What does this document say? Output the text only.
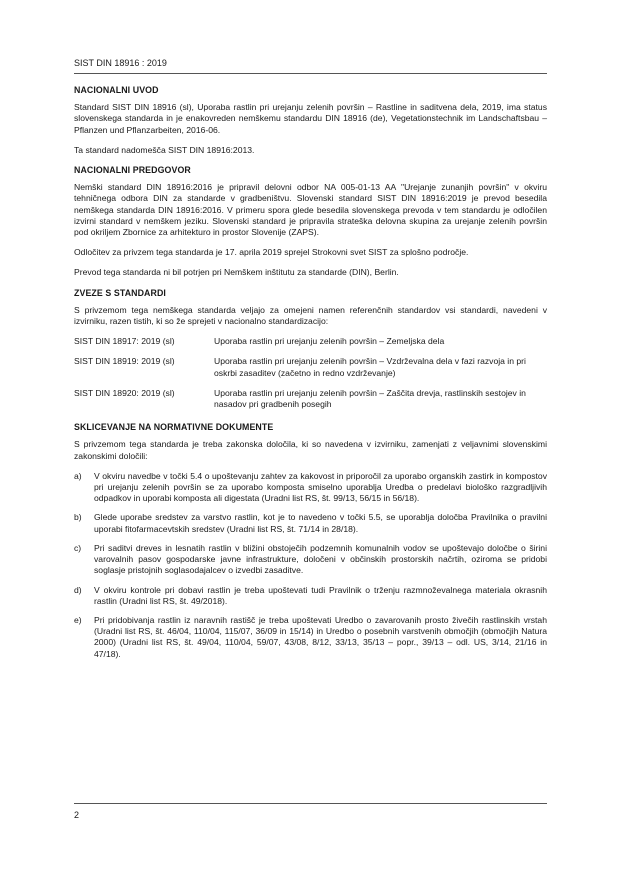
SIST DIN 18916 : 2019
NACIONALNI UVOD

Standard SIST DIN 18916 (sl), Uporaba rastlin pri urejanju zelenih površin – Rastline in saditvena dela, 2019, ima status slovenskega standarda in je enakovreden nemškemu standardu DIN 18916 (de), Vegetationstechnik im Landschaftsbau – Pflanzen und Pflanzarbeiten, 2016-06.

Ta standard nadomešča SIST DIN 18916:2013.

NACIONALNI PREDGOVOR

Nemški standard DIN 18916:2016 je pripravil delovni odbor NA 005-01-13 AA "Urejanje zunanjih površin" v okviru tehničnega odbora DIN za standarde v gradbeništvu. Slovenski standard SIST DIN 18916:2019 je prevod besedila nemškega standarda DIN 18916:2016. V primeru spora glede besedila slovenskega prevoda v tem standardu je odločilen izvirni standard v nemškem jeziku. Slovenski standard je pripravila strateška delovna skupina za urejanje zelenih površin pod okriljem Zbornice za arhitekturo in prostor Slovenije (ZAPS).

Odločitev za privzem tega standarda je 17. aprila 2019 sprejel Strokovni svet SIST za splošno področje.

Prevod tega standarda ni bil potrjen pri Nemškem inštitutu za standarde (DIN), Berlin.

ZVEZE S STANDARDI

S privzemom tega nemškega standarda veljajo za omejeni namen referenčnih standardov vsi standardi, navedeni v izvirniku, razen tistih, ki so že sprejeti v nacionalno standardizacijo:

SIST DIN 18917: 2019 (sl)	Uporaba rastlin pri urejanju zelenih površin – Zemeljska dela
SIST DIN 18919: 2019 (sl)	Uporaba rastlin pri urejanju zelenih površin – Vzdrževalna dela v fazi razvoja in pri oskrbi zasaditev (začetno in redno vzdrževanje)
SIST DIN 18920: 2019 (sl)	Uporaba rastlin pri urejanju zelenih površin – Zaščita drevja, rastlinskih sestojev in nasadov pri gradbenih posegih
SKLICEVANJE NA NORMATIVNE DOKUMENTE

S privzemom tega standarda je treba zakonska določila, ki so navedena v izvirniku, zamenjati z veljavnimi slovenskimi zakonskimi določili:

a) V okviru navedbe v točki 5.4 o upoštevanju zahtev za kakovost in priporočil za uporabo organskih zastirk in kompostov pri urejanju zelenih površin se za uporabo komposta smiselno uporablja Uredba o predelavi biološko razgradljivih odpadkov in uporabi komposta ali digestata (Uradni list RS, št. 99/13, 56/15 in 56/18).
b) Glede uporabe sredstev za varstvo rastlin, kot je to navedeno v točki 5.5, se uporablja določba Pravilnika o pravilni uporabi fitofarmacevtskih sredstev (Uradni list RS, št. 71/14 in 28/18).
c) Pri saditvi dreves in lesnatih rastlin v bližini obstoječih podzemnih komunalnih vodov se upoštevajo določbe o širini varovalnih pasov gospodarske javne infrastrukture, določeni v občinskih prostorskih načrtih, oziroma se pridobi soglasje pristojnih soglasodajalcev o izvedbi zasaditve.
d) V okviru kontrole pri dobavi rastlin je treba upoštevati tudi Pravilnik o trženju razmnoževalnega materiala okrasnih rastlin (Uradni list RS, št. 49/2018).
e) Pri pridobivanja rastlin iz naravnih rastišč je treba upoštevati Uredbo o zavarovanih prosto živečih rastlinskih vrstah (Uradni list RS, št. 46/04, 110/04, 115/07, 36/09 in 15/14) in Uredbo o posebnih varstvenih območjih (območjih Natura 2000) (Uradni list RS, št. 49/04, 110/04, 59/07, 43/08, 8/12, 33/13, 35/13 – popr., 39/13 – odl. US, 3/14, 21/16 in 47/18).
2
